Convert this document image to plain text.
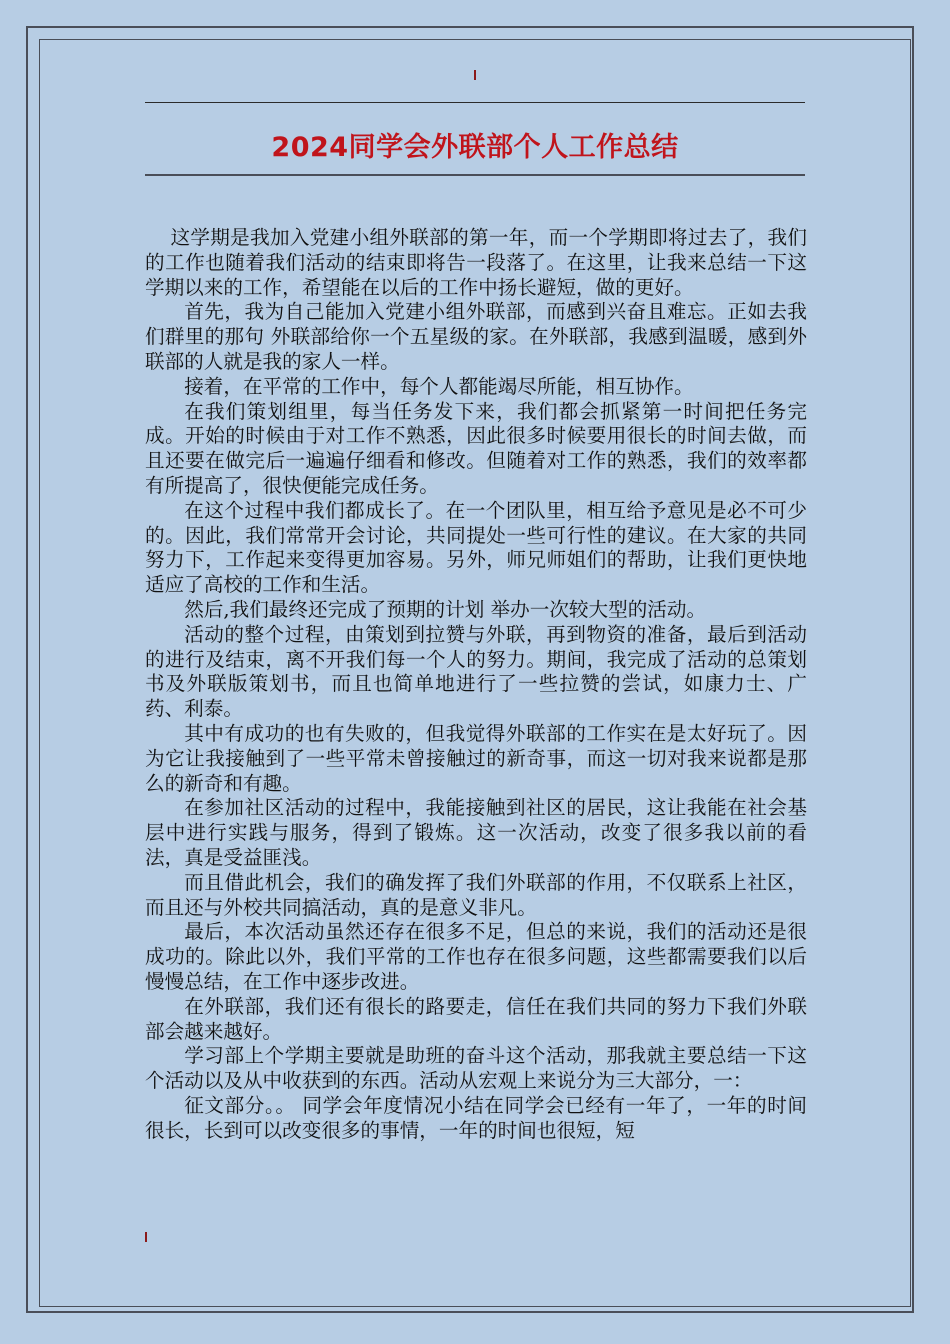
2024同学会外联部个人工作总结

这学期是我加入党建小组外联部的第一年，而一个学期即将过去了，我们的工作也随着我们活动的结束即将告一段落了。在这里，让我来总结一下这学期以来的工作，希望能在以后的工作中扬长避短，做的更好。

首先，我为自己能加入党建小组外联部，而感到兴奋且难忘。正如去我们群里的那句 外联部给你一个五星级的家。在外联部，我感到温暖，感到外联部的人就是我的家人一样。

接着，在平常的工作中，每个人都能竭尽所能，相互协作。

在我们策划组里，每当任务发下来，我们都会抓紧第一时间把任务完成。开始的时候由于对工作不熟悉，因此很多时候要用很长的时间去做，而且还要在做完后一遍遍仔细看和修改。但随着对工作的熟悉，我们的效率都有所提高了，很快便能完成任务。

在这个过程中我们都成长了。在一个团队里，相互给予意见是必不可少的。因此，我们常常开会讨论，共同提处一些可行性的建议。在大家的共同努力下，工作起来变得更加容易。另外，师兄师姐们的帮助，让我们更快地适应了高校的工作和生活。

然后,我们最终还完成了预期的计划 举办一次较大型的活动。

活动的整个过程，由策划到拉赞与外联，再到物资的准备，最后到活动的进行及结束，离不开我们每一个人的努力。期间，我完成了活动的总策划书及外联版策划书，而且也简单地进行了一些拉赞的尝试，如康力士、广药、利泰。

其中有成功的也有失败的，但我觉得外联部的工作实在是太好玩了。因为它让我接触到了一些平常未曾接触过的新奇事，而这一切对我来说都是那么的新奇和有趣。

在参加社区活动的过程中，我能接触到社区的居民，这让我能在社会基层中进行实践与服务，得到了锻炼。这一次活动，改变了很多我以前的看法，真是受益匪浅。

而且借此机会，我们的确发挥了我们外联部的作用，不仅联系上社区，而且还与外校共同搞活动，真的是意义非凡。

最后，本次活动虽然还存在很多不足，但总的来说，我们的活动还是很成功的。除此以外，我们平常的工作也存在很多问题，这些都需要我们以后慢慢总结，在工作中逐步改进。

在外联部，我们还有很长的路要走，信任在我们共同的努力下我们外联部会越来越好。

学习部上个学期主要就是助班的奋斗这个活动，那我就主要总结一下这个活动以及从中收获到的东西。活动从宏观上来说分为三大部分，一：

征文部分。。 同学会年度情况小结在同学会已经有一年了，一年的时间很长，长到可以改变很多的事情，一年的时间也很短，短
